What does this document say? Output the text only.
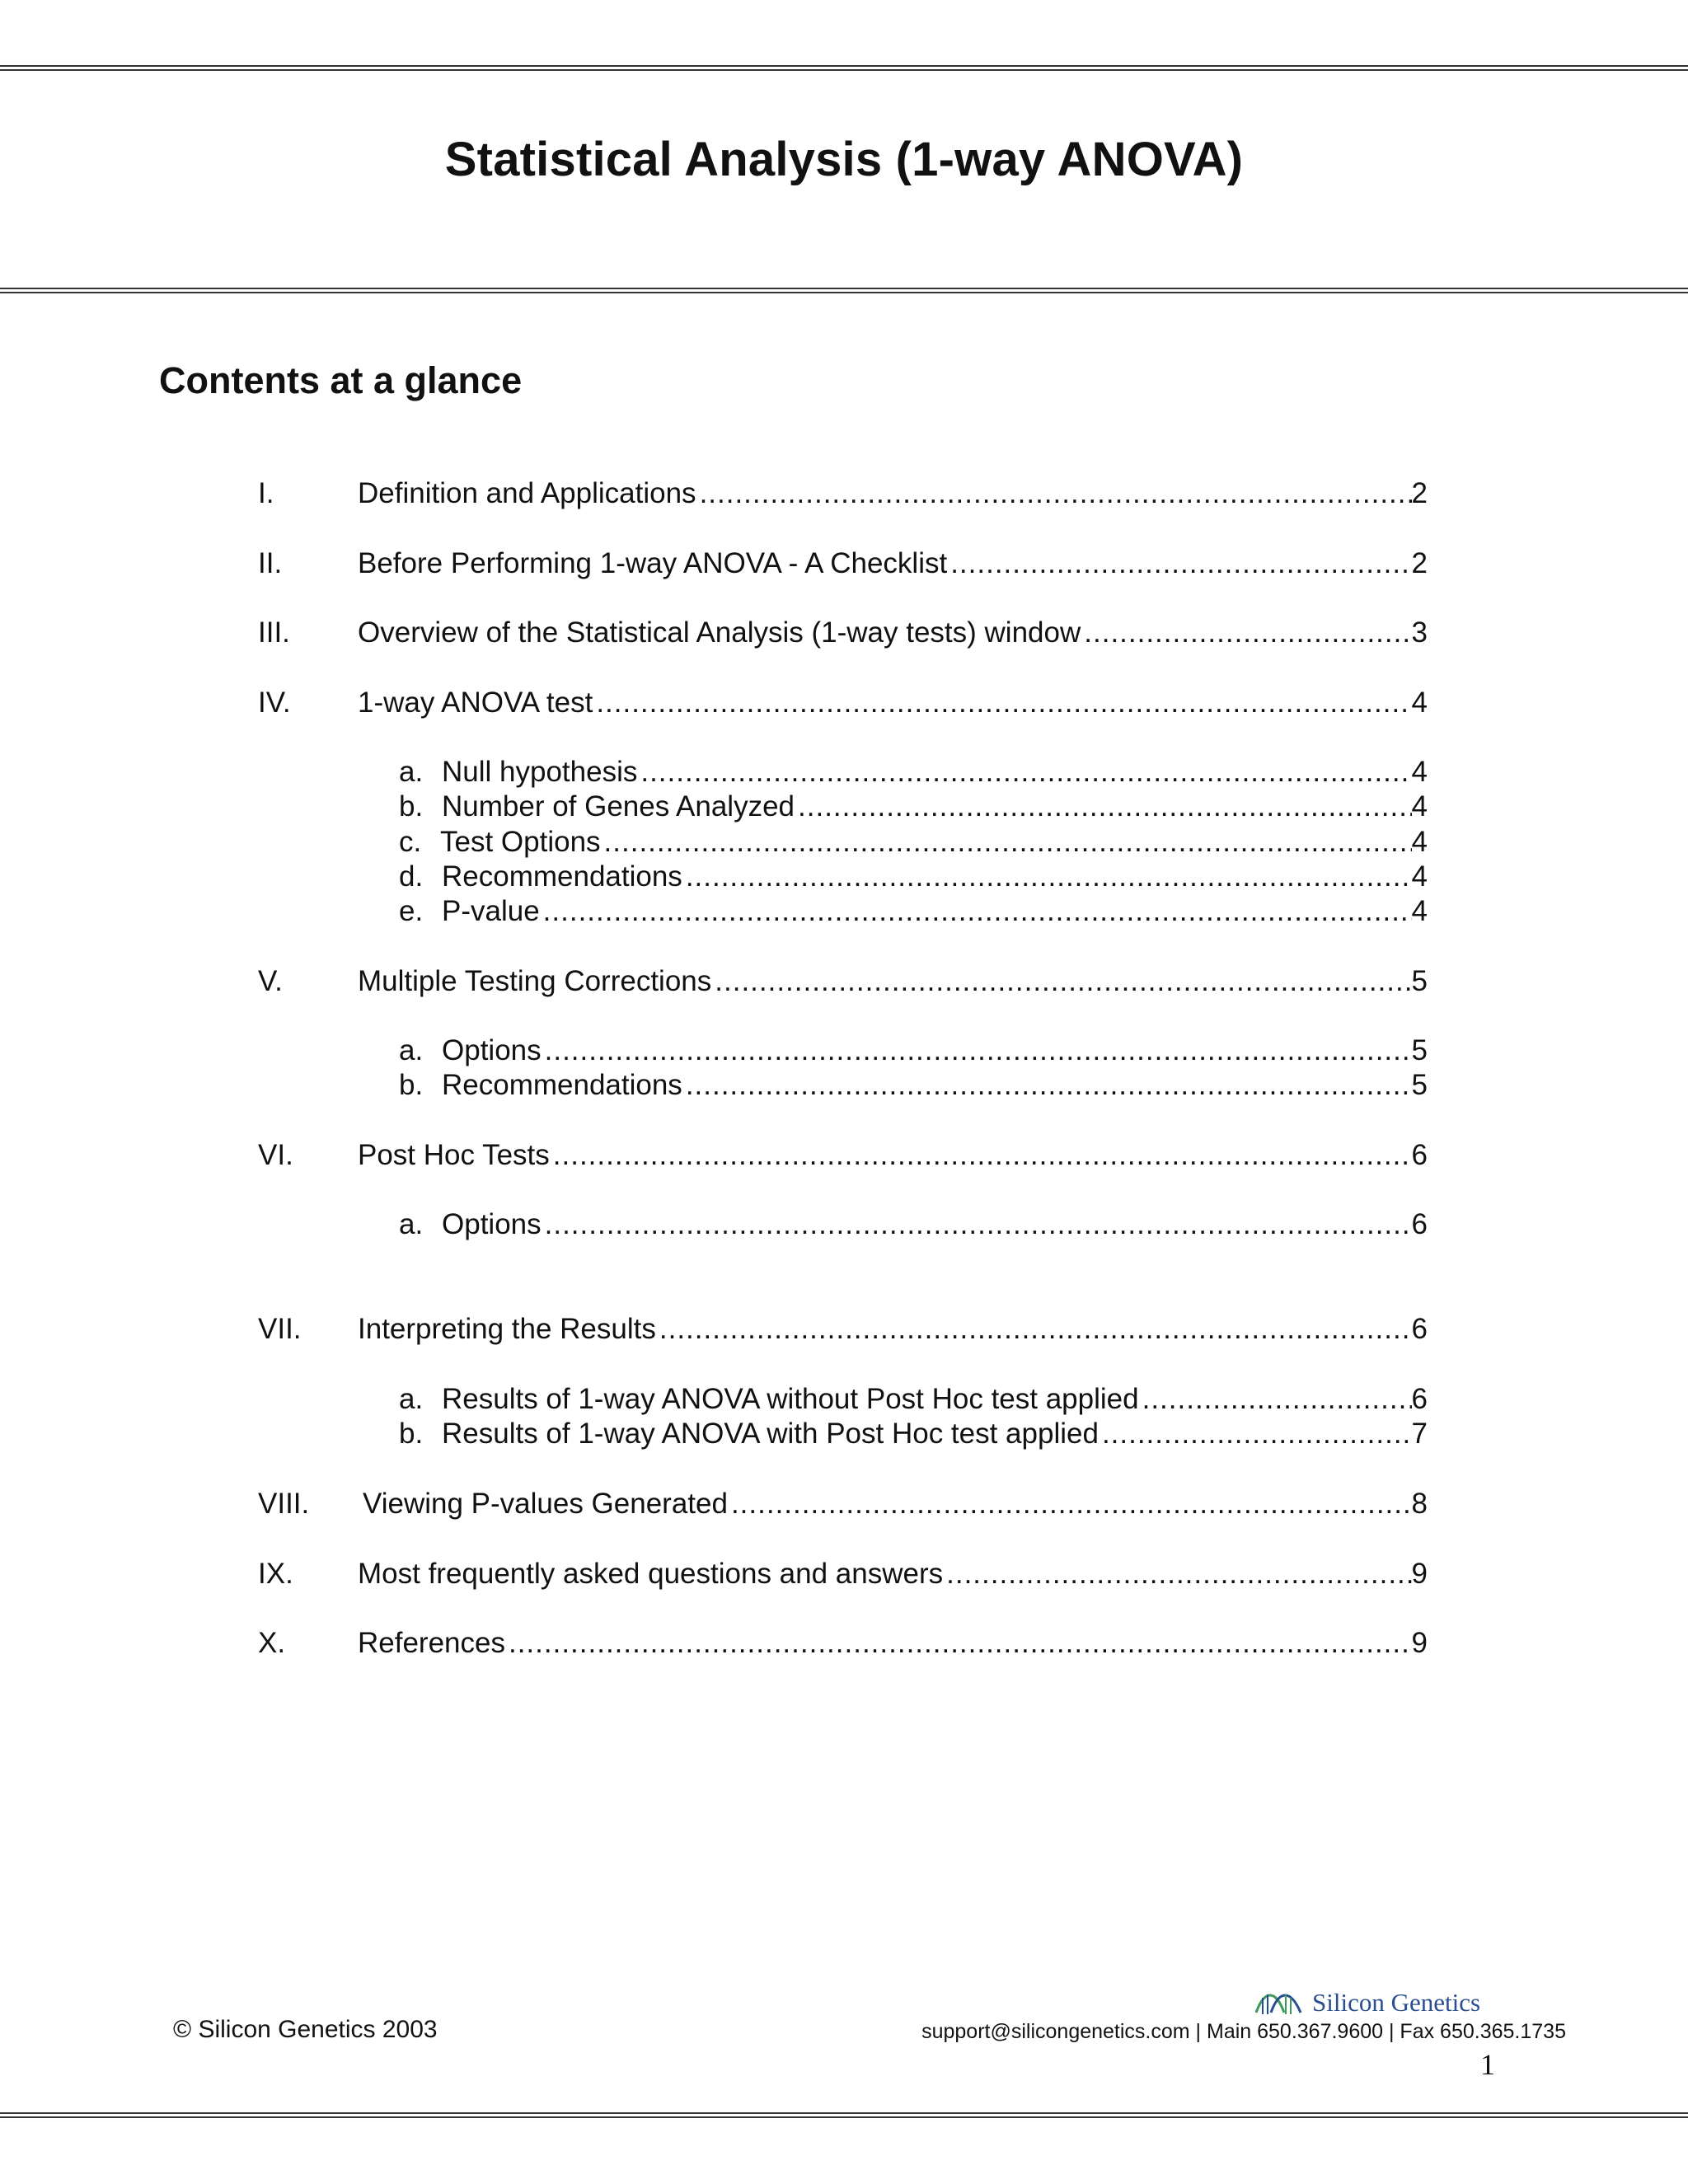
Statistical Analysis (1-way ANOVA)
Contents at a glance
I.	Definition and Applications .....	2
II.	Before Performing 1-way ANOVA - A Checklist .....	2
III. Overview of the Statistical Analysis (1-way tests) window .....	3
IV. 1-way ANOVA test .....	4
a. Null hypothesis .....	4
b. Number of Genes Analyzed .....	4
c. Test Options .....	4
d. Recommendations .....	4
e. P-value .....	4
V.	Multiple Testing Corrections .....	5
a. Options .....	5
b. Recommendations .....	5
VI. Post Hoc Tests .....	6
a. Options .....	6
VII. Interpreting the Results .....	6
a. Results of 1-way ANOVA without Post Hoc test applied .....	6
b. Results of 1-way ANOVA with Post Hoc test applied .....	7
VIII. Viewing P-values Generated .....	8
IX. Most frequently asked questions and answers .....	9
X.	References .....	9
Silicon Genetics
© Silicon Genetics 2003	support@silicongenetics.com | Main 650.367.9600 | Fax 650.365.1735
1
